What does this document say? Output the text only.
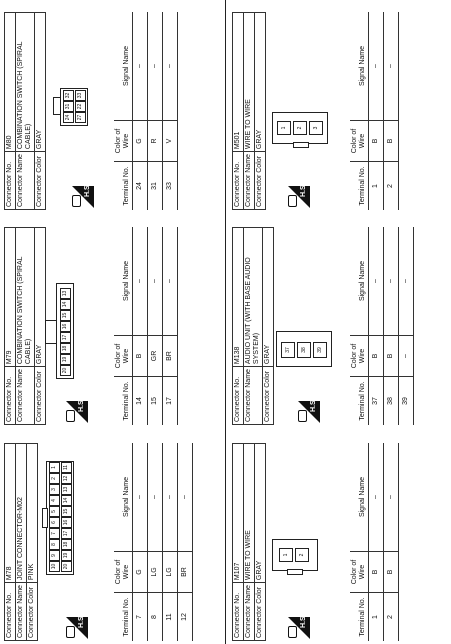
Connector No.	M78
Connector Name	JOINT CONNECTOR-M02
Connector Color	PINK
H.S.
10
9
8
7
6
5
4
3
2
1
20
19
18
17
16
15
14
13
12
11
Terminal No.	Color of Wire	Signal Name
7	G	–
8	LG	–
11	LG	–
12	BR	–
Connector No.	M79
Connector Name	COMBINATION SWITCH (SPIRAL CABLE)
Connector Color	GRAY
H.S.
20
19
18
17
16
15
14
13
Terminal No.	Color of Wire	Signal Name
14	B	–
15	GR	–
17	BR	–
Connector No.	M80
Connector Name	COMBINATION SWITCH (SPIRAL CABLE)
Connector Color	GRAY
H.S.
24
31
32
27
22
33
Terminal No.	Color of Wire	Signal Name
24	G	–
31	R	–
33	V	–
Connector No.	M107
Connector Name	WIRE TO WIRE
Connector Color	GRAY
H.S.
1	2
Terminal No.	Color of Wire	Signal Name
1	B	–
2	B	–
Connector No.	M138
Connector Name	AUDIO UNIT (WITH BASE AUDIO SYSTEM)
Connector Color	GRAY
H.S.
37	38	39
Terminal No.	Color of Wire	Signal Name
37	B	–
38	B	–
39	–	–
Connector No.	M501
Connector Name	WIRE TO WIRE
Connector Color	GRAY
H.S.
1	2	3
Terminal No.	Color of Wire	Signal Name
1	B	–
2	B	–
